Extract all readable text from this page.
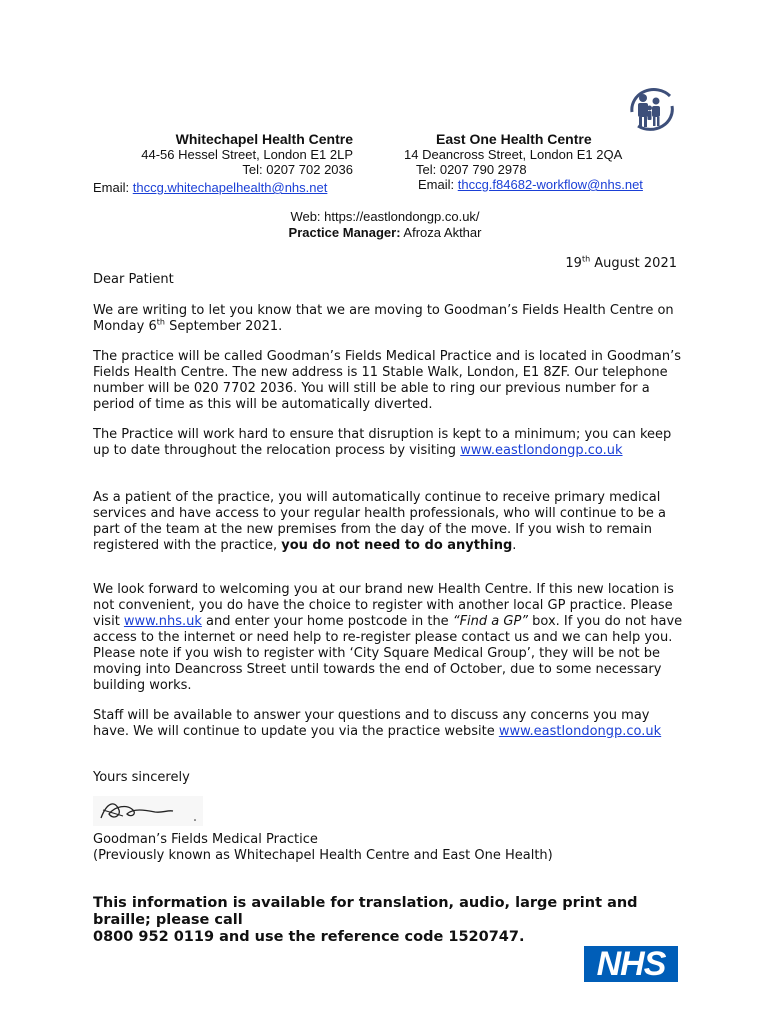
Whitechapel Health Centre
44-56 Hessel Street, London E1 2LP
Tel: 0207 702 2036
Email: thccg.whitechapelhealth@nhs.net
East One Health Centre
14 Deancross Street, London E1 2QA
Tel: 0207 790 2978
Email: thccg.f84682-workflow@nhs.net
Web: https://eastlondongp.co.uk/
Practice Manager: Afroza Akthar
19th August 2021
Dear Patient
We are writing to let you know that we are moving to Goodman’s Fields Health Centre on Monday 6th September 2021.
The practice will be called Goodman’s Fields Medical Practice and is located in Goodman’s Fields Health Centre. The new address is 11 Stable Walk, London, E1 8ZF. Our telephone number will be 020 7702 2036. You will still be able to ring our previous number for a period of time as this will be automatically diverted.
The Practice will work hard to ensure that disruption is kept to a minimum; you can keep up to date throughout the relocation process by visiting www.eastlondongp.co.uk
As a patient of the practice, you will automatically continue to receive primary medical services and have access to your regular health professionals, who will continue to be a part of the team at the new premises from the day of the move. If you wish to remain registered with the practice, you do not need to do anything.
We look forward to welcoming you at our brand new Health Centre. If this new location is not convenient, you do have the choice to register with another local GP practice. Please visit www.nhs.uk and enter your home postcode in the “Find a GP” box. If you do not have access to the internet or need help to re-register please contact us and we can help you. Please note if you wish to register with ‘City Square Medical Group’, they will be not be moving into Deancross Street until towards the end of October, due to some necessary building works.
Staff will be available to answer your questions and to discuss any concerns you may have. We will continue to update you via the practice website www.eastlondongp.co.uk
Yours sincerely
Goodman’s Fields Medical Practice
(Previously known as Whitechapel Health Centre and East One Health)
This information is available for translation, audio, large print and braille; please call
0800 952 0119 and use the reference code 1520747.
NHS
